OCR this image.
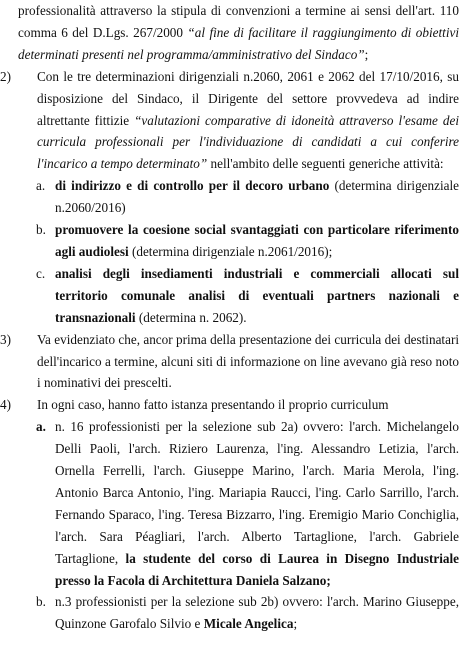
professionalità attraverso la stipula di convenzioni a termine ai sensi dell'art. 110 comma 6 del D.Lgs. 267/2000 “al fine di facilitare il raggiungimento di obiettivi determinati presenti nel programma/amministrativo del Sindaco”;

2) Con le tre determinazioni dirigenziali n.2060, 2061 e 2062 del 17/10/2016, su disposizione del Sindaco, il Dirigente del settore provvedeva ad indire altrettante fittizie “valutazioni comparative di idoneità attraverso l'esame dei curricula professionali per l'individuazione di candidati a cui conferire l'incarico a tempo determinato” nell'ambito delle seguenti generiche attività:

a. di indirizzo e di controllo per il decoro urbano (determina dirigenziale n.2060/2016)

b. promuovere la coesione social svantaggiati con particolare riferimento agli audiolesi (determina dirigenziale n.2061/2016);

c. analisi degli insediamenti industriali e commerciali allocati sul territorio comunale analisi di eventuali partners nazionali e transnazionali (determina n. 2062).

3) Va evidenziato che, ancor prima della presentazione dei curricula dei destinatari dell'incarico a termine, alcuni siti di informazione on line avevano già reso noto i nominativi dei prescelti.

4) In ogni caso, hanno fatto istanza presentando il proprio curriculum

a. n. 16 professionisti per la selezione sub 2a) ovvero: l'arch. Michelangelo Delli Paoli, l'arch. Riziero Laurenza, l'ing. Alessandro Letizia, l'arch. Ornella Ferrelli, l'arch. Giuseppe Marino, l'arch. Maria Merola, l'ing. Antonio Barca Antonio, l'ing. Mariapia Raucci, l'ing. Carlo Sarrillo, l'arch. Fernando Sparaco, l'ing. Teresa Bizzarro, l'ing. Eremigio Mario Conchiglia, l'arch. Sara Péagliari, l'arch. Alberto Tartaglione, l'arch. Gabriele Tartaglione, la studente del corso di Laurea in Disegno Industriale presso la Facola di Architettura Daniela Salzano;

b. n.3 professionisti per la selezione sub 2b) ovvero: l'arch. Marino Giuseppe, Quinzone Garofalo Silvio e Micale Angelica;
